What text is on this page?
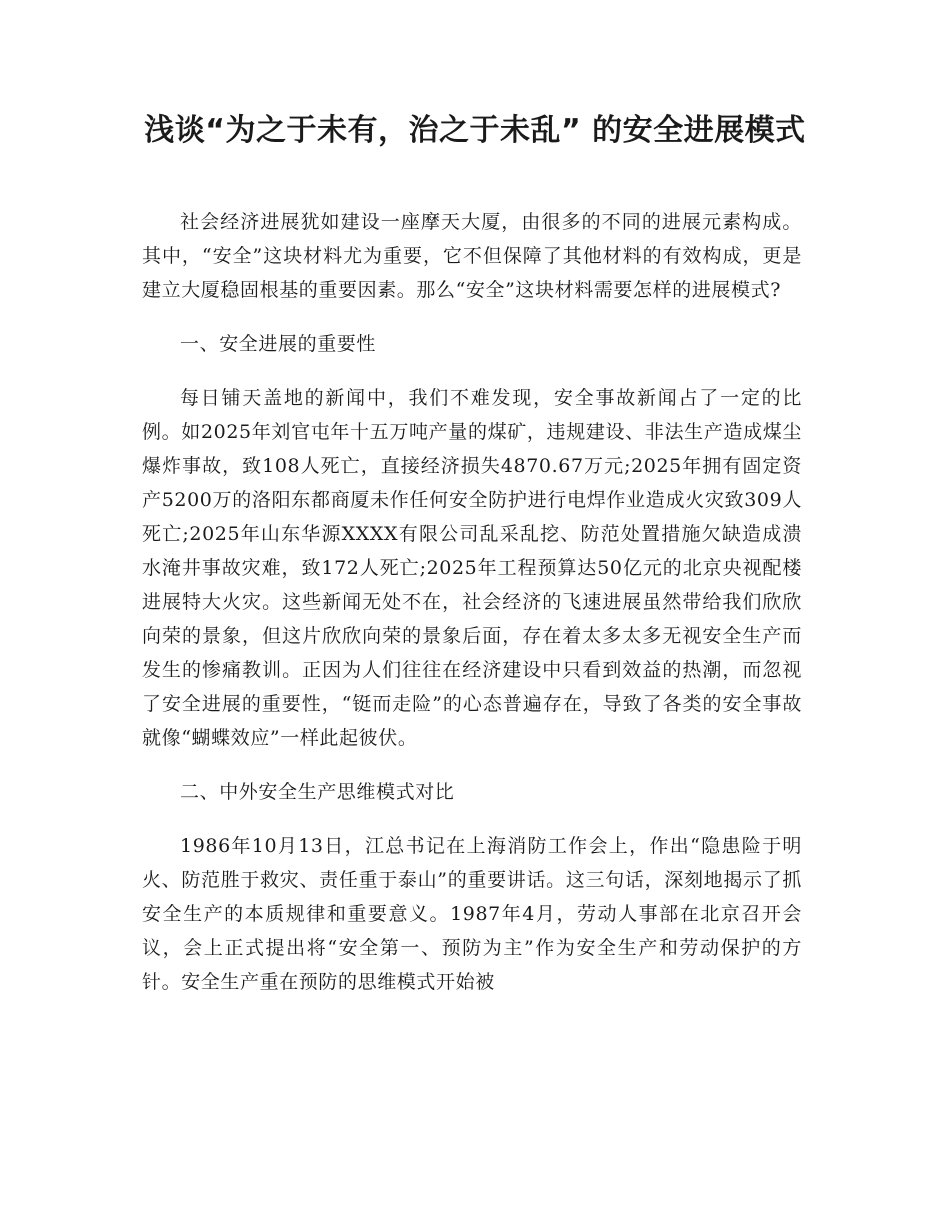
浅谈“为之于未有，治之于未乱” 的安全进展模式

社会经济进展犹如建设一座摩天大厦，由很多的不同的进展元素构成。其中，“安全”这块材料尤为重要，它不但保障了其他材料的有效构成，更是建立大厦稳固根基的重要因素。那么“安全”这块材料需要怎样的进展模式?

一、安全进展的重要性

每日铺天盖地的新闻中，我们不难发现，安全事故新闻占了一定的比例。如2025年刘官屯年十五万吨产量的煤矿，违规建设、非法生产造成煤尘爆炸事故，致108人死亡，直接经济损失4870.67万元;2025年拥有固定资产5200万的洛阳东都商厦未作任何安全防护进行电焊作业造成火灾致309人死亡;2025年山东华源XXXX有限公司乱采乱挖、防范处置措施欠缺造成溃水淹井事故灾难，致172人死亡;2025年工程预算达50亿元的北京央视配楼进展特大火灾。这些新闻无处不在，社会经济的飞速进展虽然带给我们欣欣向荣的景象，但这片欣欣向荣的景象后面，存在着太多太多无视安全生产而发生的惨痛教训。正因为人们往往在经济建设中只看到效益的热潮，而忽视了安全进展的重要性，“铤而走险”的心态普遍存在，导致了各类的安全事故就像“蝴蝶效应”一样此起彼伏。

二、中外安全生产思维模式对比

1986年10月13日，江总书记在上海消防工作会上，作出“隐患险于明火、防范胜于救灾、责任重于泰山”的重要讲话。这三句话，深刻地揭示了抓安全生产的本质规律和重要意义。1987年4月，劳动人事部在北京召开会议，会上正式提出将“安全第一、预防为主”作为安全生产和劳动保护的方针。安全生产重在预防的思维模式开始被
